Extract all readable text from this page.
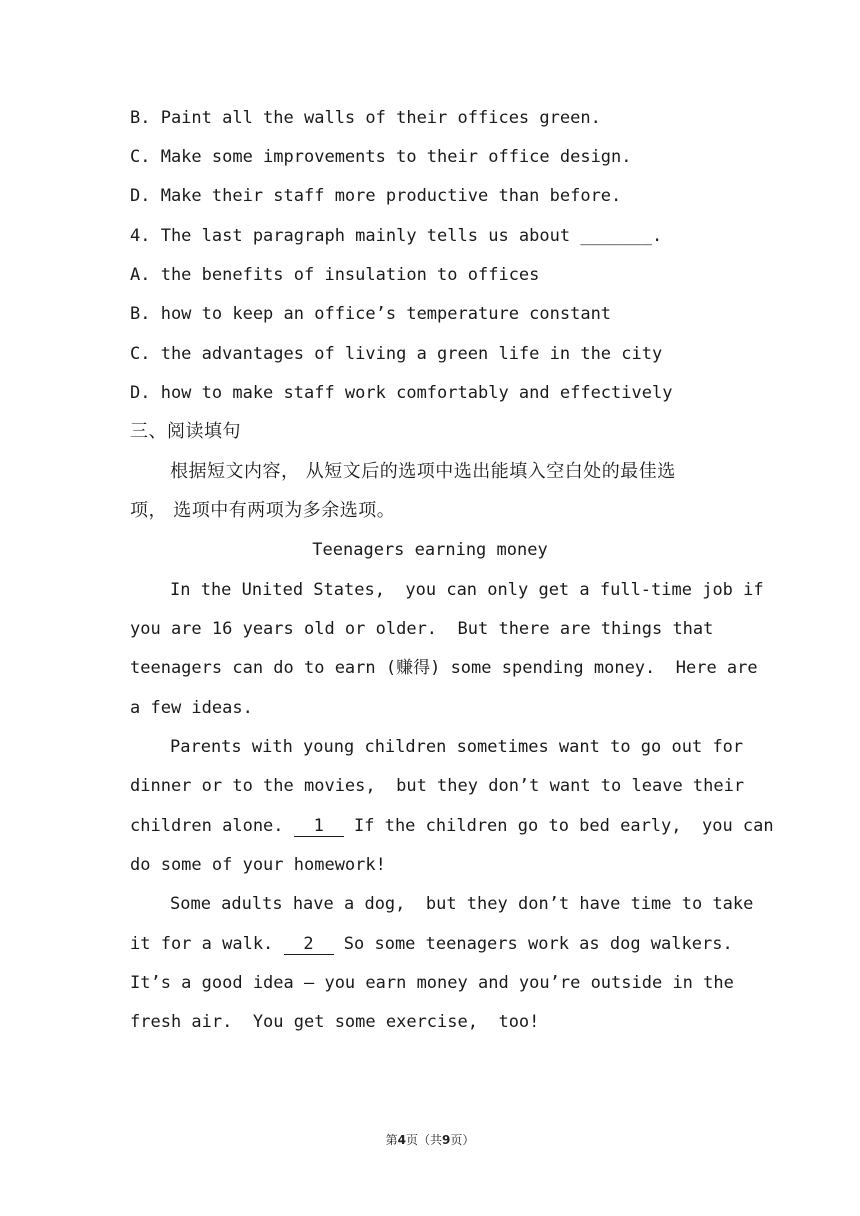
B. Paint all the walls of their offices green.
C. Make some improvements to their office design.
D. Make their staff more productive than before.
4. The last paragraph mainly tells us about _______.
A. the benefits of insulation to offices
B. how to keep an office’s temperature constant
C. the advantages of living a green life in the city
D. how to make staff work comfortably and effectively
三、阅读填句
根据短文内容， 从短文后的选项中选出能填入空白处的最佳选
项， 选项中有两项为多余选项。
Teenagers earning money
In the United States,  you can only get a full-time job if
you are 16 years old or older.  But there are things that
teenagers can do to earn (赚得) some spending money.  Here are
a few ideas.
Parents with young children sometimes want to go out for
dinner or to the movies,  but they don’t want to leave their
children alone. 1 If the children go to bed early,  you can
do some of your homework!
Some adults have a dog,  but they don’t have time to take
it for a walk. 2 So some teenagers work as dog walkers.
It’s a good idea — you earn money and you’re outside in the
fresh air.  You get some exercise,  too!
第4页（共9页）
